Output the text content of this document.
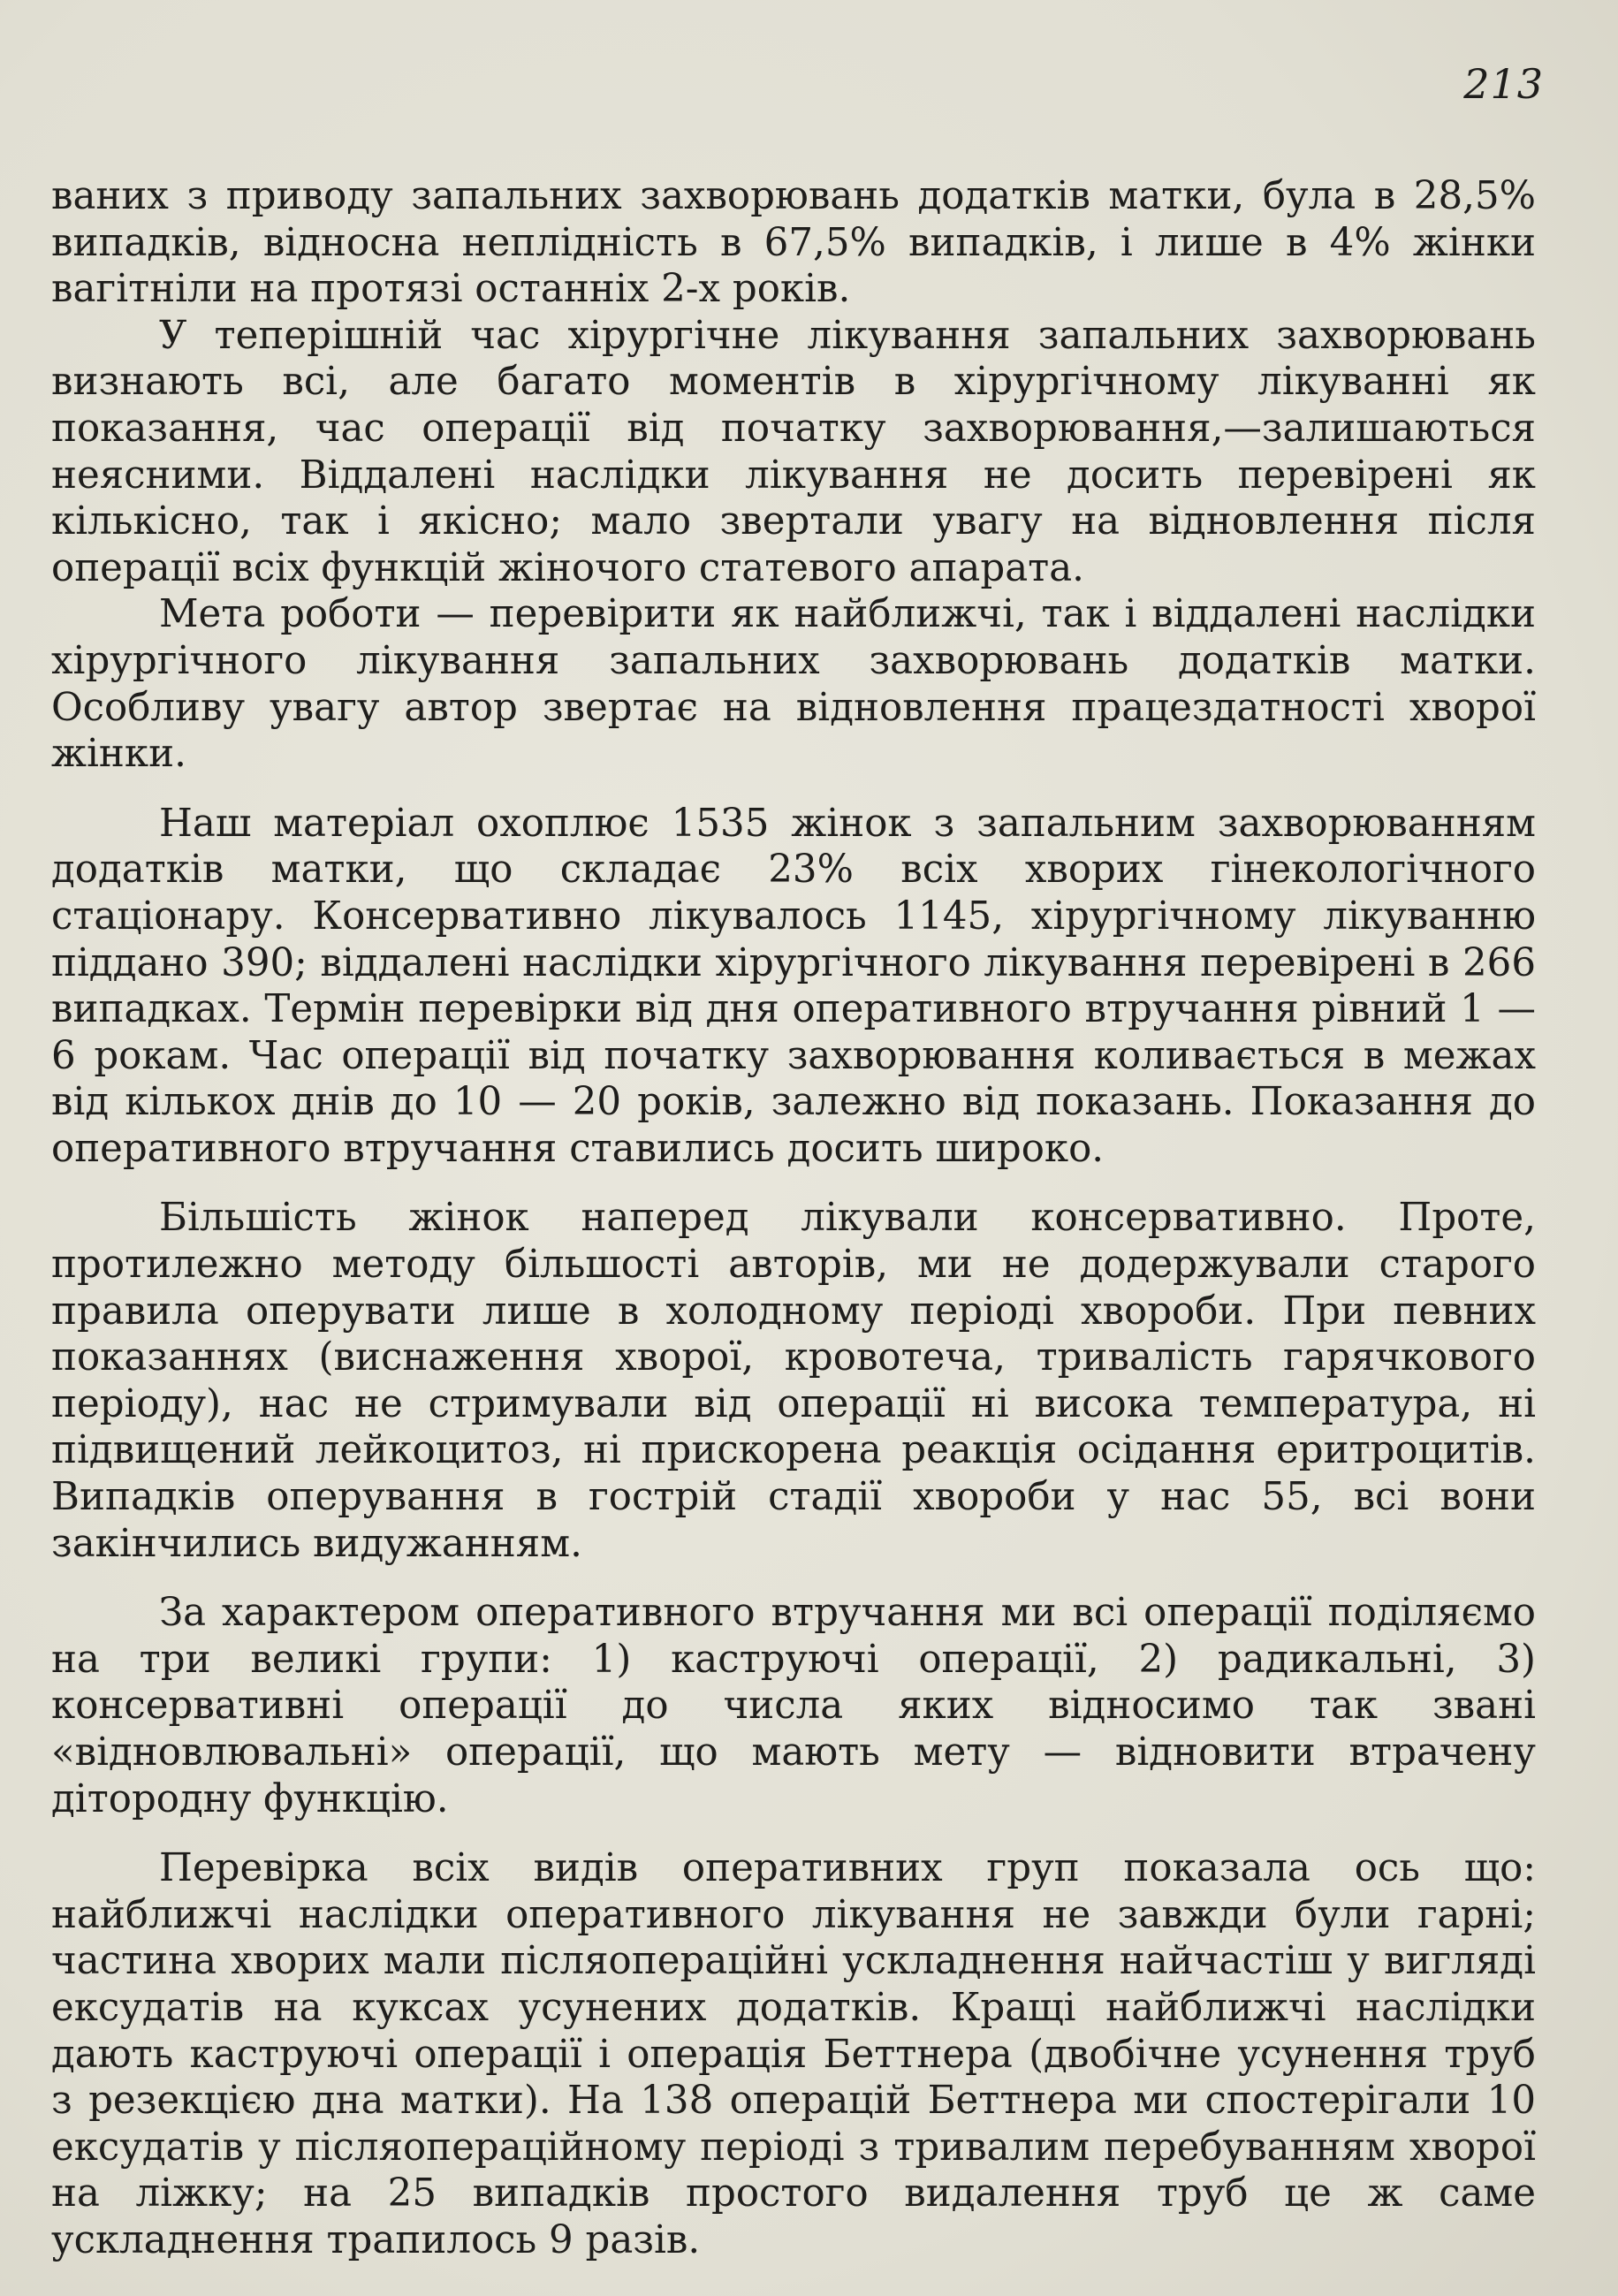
213

ваних з приводу запальних захворювань додатків матки, була в 28,5% випадків, відносна неплідність в 67,5% випадків, і лише в 4% жінки вагітніли на протязі останніх 2-х років.

У теперішній час хірургічне лікування запальних захворювань визнають всі, але багато моментів в хірургічному лікуванні як показання, час операції від початку захворювання,—залишаються неясними. Віддалені наслідки лікування не досить перевірені як кількісно, так і якісно; мало звертали увагу на відновлення після операції всіх функцій жіночого статевого апарата.

Мета роботи — перевірити як найближчі, так і віддалені наслідки хірургічного лікування запальних захворювань додатків матки. Особливу увагу автор звертає на відновлення працездатності хворої жінки.

Наш матеріал охоплює 1535 жінок з запальним захворюванням додатків матки, що складає 23% всіх хворих гінекологічного стаціонару. Консервативно лікувалось 1145, хірургічному лікуванню піддано 390; віддалені наслідки хірургічного лікування перевірені в 266 випадках. Термін перевірки від дня оперативного втручання рівний 1 — 6 рокам. Час операції від початку захворювання коливається в межах від кількох днів до 10 — 20 років, залежно від показань. Показання до оперативного втручання ставились досить широко.

Більшість жінок наперед лікували консервативно. Проте, протилежно методу більшості авторів, ми не додержували старого правила оперувати лише в холодному періоді хвороби. При певних показаннях (виснаження хворої, кровотеча, тривалість гарячкового періоду), нас не стримували від операції ні висока температура, ні підвищений лейкоцитоз, ні прискорена реакція осідання еритроцитів. Випадків оперування в гострій стадії хвороби у нас 55, всі вони закінчились видужанням.

За характером оперативного втручання ми всі операції поділяємо на три великі групи: 1) каструючі операції, 2) радикальні, 3) консервативні операції до числа яких відносимо так звані «відновлювальні» операції, що мають мету — відновити втрачену дітородну функцію.

Перевірка всіх видів оперативних груп показала ось що: найближчі наслідки оперативного лікування не завжди були гарні; частина хворих мали післяопераційні ускладнення найчастіш у вигляді ексудатів на куксах усунених додатків. Кращі найближчі наслідки дають каструючі операції і операція Беттнера (двобічне усунення труб з резекцією дна матки). На 138 операцій Беттнера ми спостерігали 10 ексудатів у післяопераційному періоді з тривалим перебуванням хворої на ліжку; на 25 випадків простого видалення труб це ж саме ускладнення трапилось 9 разів.
